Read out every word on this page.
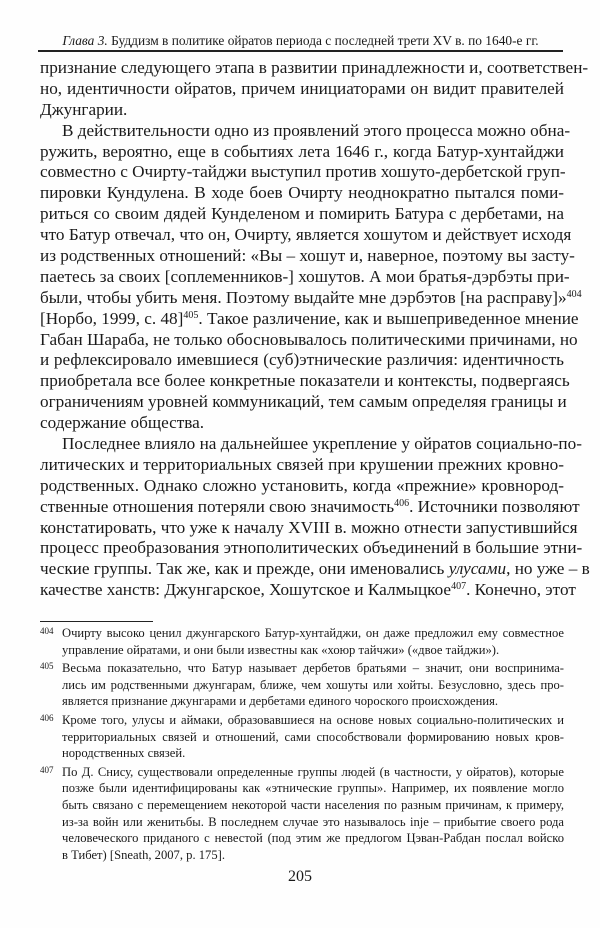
Глава 3. Буддизм в политике ойратов периода с последней трети XV в. по 1640-е гг.
признание следующего этапа в развитии принадлежности и, соответствен-
но, идентичности ойратов, причем инициаторами он видит правителей
Джунгарии.
В действительности одно из проявлений этого процесса можно обна-
ружить, вероятно, еще в событиях лета 1646 г., когда Батур-хунтайджи
совместно с Очирту-тайджи выступил против хошуто-дербетской груп-
пировки Кундулена. В ходе боев Очирту неоднократно пытался поми-
риться со своим дядей Кунделеном и помирить Батура с дербетами, на
что Батур отвечал, что он, Очирту, является хошутом и действует исходя
из родственных отношений: «Вы – хошут и, наверное, поэтому вы засту-
паетесь за своих [соплеменников-] хошутов. А мои братья-дэрбэты при-
были, чтобы убить меня. Поэтому выдайте мне дэрбэтов [на расправу]»$^{404}$
[Норбо, 1999, с. 48]$^{405}$. Такое различение, как и вышеприведенное мнение
Габан Шараба, не только обосновывалось политическими причинами, но
и рефлексировало имевшиеся (суб)этнические различия: идентичность
приобретала все более конкретные показатели и контексты, подвергаясь
ограничениям уровней коммуникаций, тем самым определяя границы и
содержание общества.
Последнее влияло на дальнейшее укрепление у ойратов социально-по-
литических и территориальных связей при крушении прежних кровно-
родственных. Однако сложно установить, когда «прежние» кровнород-
ственные отношения потеряли свою значимость$^{406}$. Источники позволяют
констатировать, что уже к началу XVIII в. можно отнести запустившийся
процесс преобразования этнополитических объединений в большие этни-
ческие группы. Так же, как и прежде, они именовались улусами, но уже – в
качестве ханств: Джунгарское, Хошутское и Калмыцкое$^{407}$. Конечно, этот
404 Очирту высоко ценил джунгарского Батур-хунтайджи, он даже предложил ему совместное
управление ойратами, и они были известны как «хоюр тайчжи» («двое тайджи»).
405 Весьма показательно, что Батур называет дербетов братьями – значит, они воспринима-
лись им родственными джунгарам, ближе, чем хошуты или хойты. Безусловно, здесь про-
является признание джунгарами и дербетами единого чороского происхождения.
406 Кроме того, улусы и аймаки, образовавшиеся на основе новых социально-политических и
территориальных связей и отношений, сами способствовали формированию новых кров-
нородственных связей.
407 По Д. Снису, существовали определенные группы людей (в частности, у ойратов), которые
позже были идентифицированы как «этнические группы». Например, их появление могло
быть связано с перемещением некоторой части населения по разным причинам, к примеру,
из-за войн или женитьбы. В последнем случае это называлось inje – прибытие своего рода
человеческого приданого с невестой (под этим же предлогом Цэван-Рабдан послал войско
в Тибет) [Sneath, 2007, p. 175].
205
